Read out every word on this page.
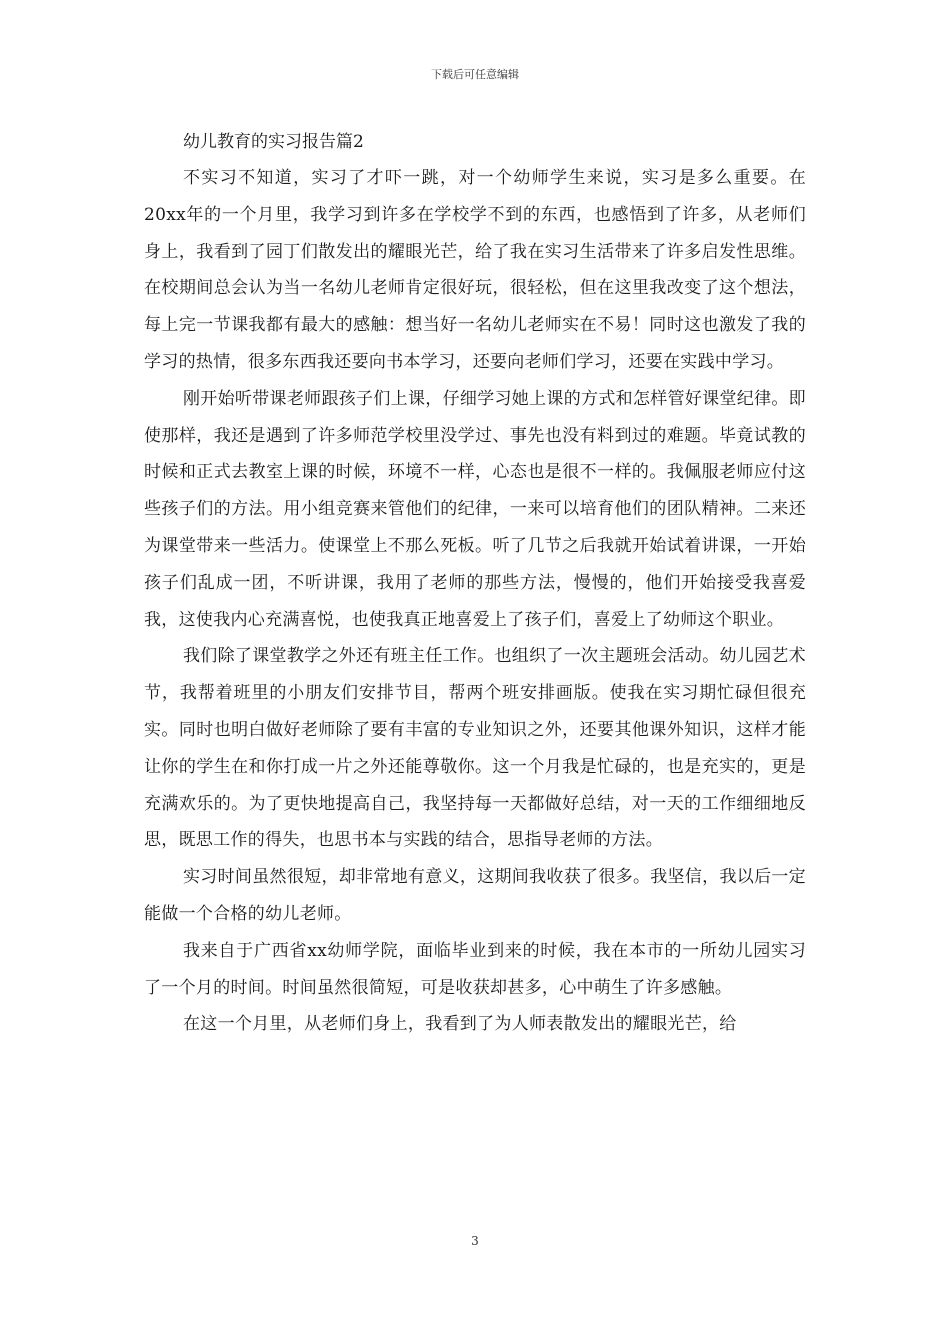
下载后可任意编辑
幼儿教育的实习报告篇2

不实习不知道，实习了才吓一跳，对一个幼师学生来说，实习是多么重要。在20xx年的一个月里，我学习到许多在学校学不到的东西，也感悟到了许多，从老师们身上，我看到了园丁们散发出的耀眼光芒，给了我在实习生活带来了许多启发性思维。在校期间总会认为当一名幼儿老师肯定很好玩，很轻松，但在这里我改变了这个想法，每上完一节课我都有最大的感触：想当好一名幼儿老师实在不易！同时这也激发了我的学习的热情，很多东西我还要向书本学习，还要向老师们学习，还要在实践中学习。

刚开始听带课老师跟孩子们上课，仔细学习她上课的方式和怎样管好课堂纪律。即使那样，我还是遇到了许多师范学校里没学过、事先也没有料到过的难题。毕竟试教的时候和正式去教室上课的时候，环境不一样，心态也是很不一样的。我佩服老师应付这些孩子们的方法。用小组竞赛来管他们的纪律，一来可以培育他们的团队精神。二来还为课堂带来一些活力。使课堂上不那么死板。听了几节之后我就开始试着讲课，一开始孩子们乱成一团，不听讲课，我用了老师的那些方法，慢慢的，他们开始接受我喜爱我，这使我内心充满喜悦，也使我真正地喜爱上了孩子们，喜爱上了幼师这个职业。

我们除了课堂教学之外还有班主任工作。也组织了一次主题班会活动。幼儿园艺术节，我帮着班里的小朋友们安排节目，帮两个班安排画版。使我在实习期忙碌但很充实。同时也明白做好老师除了要有丰富的专业知识之外，还要其他课外知识，这样才能让你的学生在和你打成一片之外还能尊敬你。这一个月我是忙碌的，也是充实的，更是充满欢乐的。为了更快地提高自己，我坚持每一天都做好总结，对一天的工作细细地反思，既思工作的得失，也思书本与实践的结合，思指导老师的方法。

实习时间虽然很短，却非常地有意义，这期间我收获了很多。我坚信，我以后一定能做一个合格的幼儿老师。

我来自于广西省xx幼师学院，面临毕业到来的时候，我在本市的一所幼儿园实习了一个月的时间。时间虽然很简短，可是收获却甚多，心中萌生了许多感触。

在这一个月里，从老师们身上，我看到了为人师表散发出的耀眼光芒，给

3
